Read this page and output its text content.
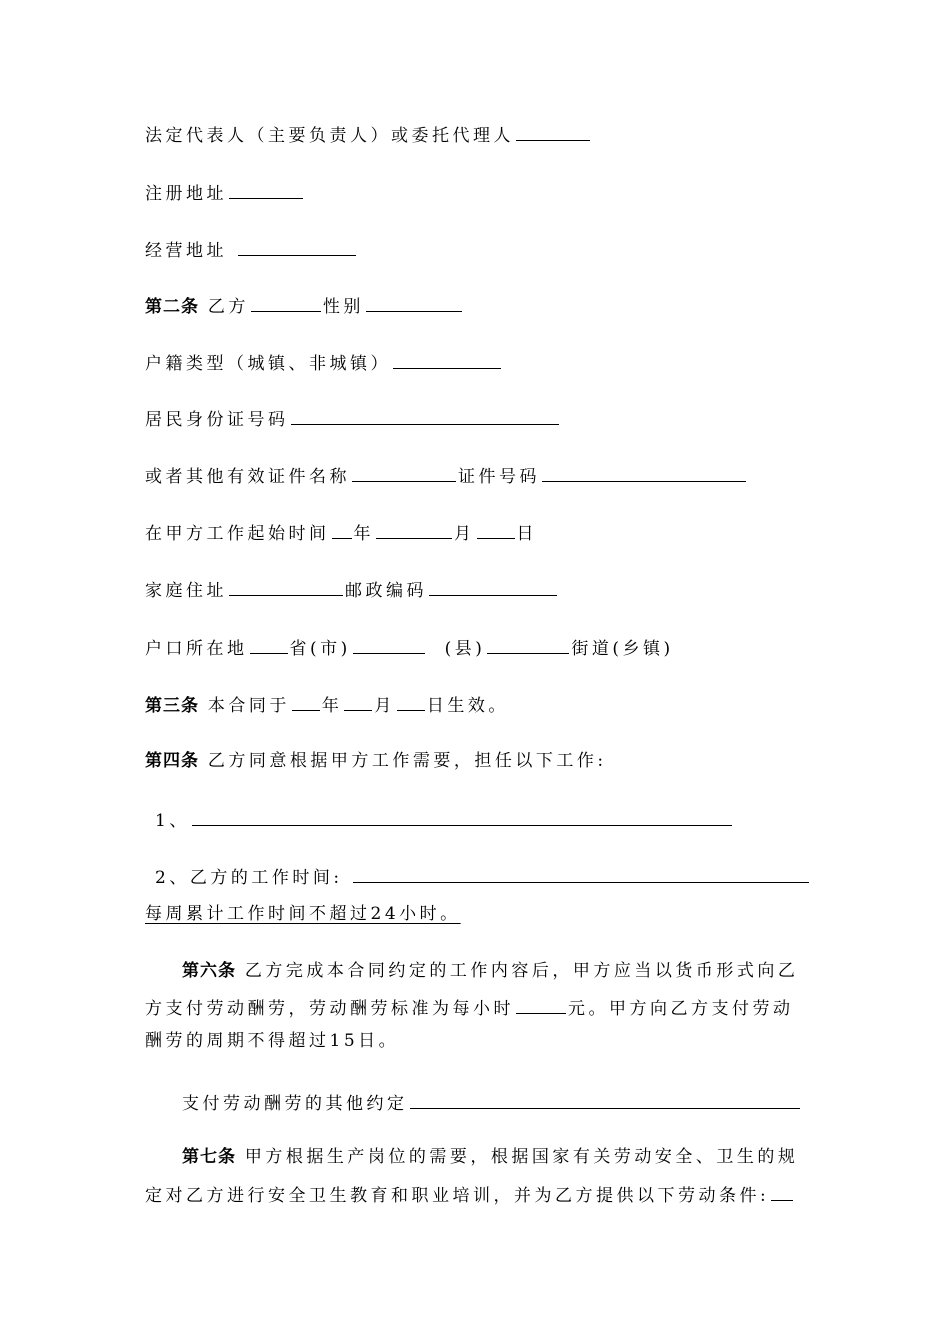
法定代表人（主要负责人）或委托代理人
注册地址
经营地址
第二条 乙方	性别
户籍类型（城镇、非城镇）
居民身份证号码
或者其他有效证件名称	证件号码
在甲方工作起始时间 年	月 日
家庭住址	邮政编码
户口所在地 省(市)	(县)	街道(乡镇)
第三条 本合同于 年 月 日生效。
第四条 乙方同意根据甲方工作需要，担任以下工作:
1、
2、乙方的工作时间:
每周累计工作时间不超过24小时。
第六条 乙方完成本合同约定的工作内容后，甲方应当以货币形式向乙
方支付劳动酬劳，劳动酬劳标准为每小时	元。甲方向乙方支付劳动
酬劳的周期不得超过15日。
支付劳动酬劳的其他约定
第七条 甲方根据生产岗位的需要，根据国家有关劳动安全、卫生的规
定对乙方进行安全卫生教育和职业培训，并为乙方提供以下劳动条件:
